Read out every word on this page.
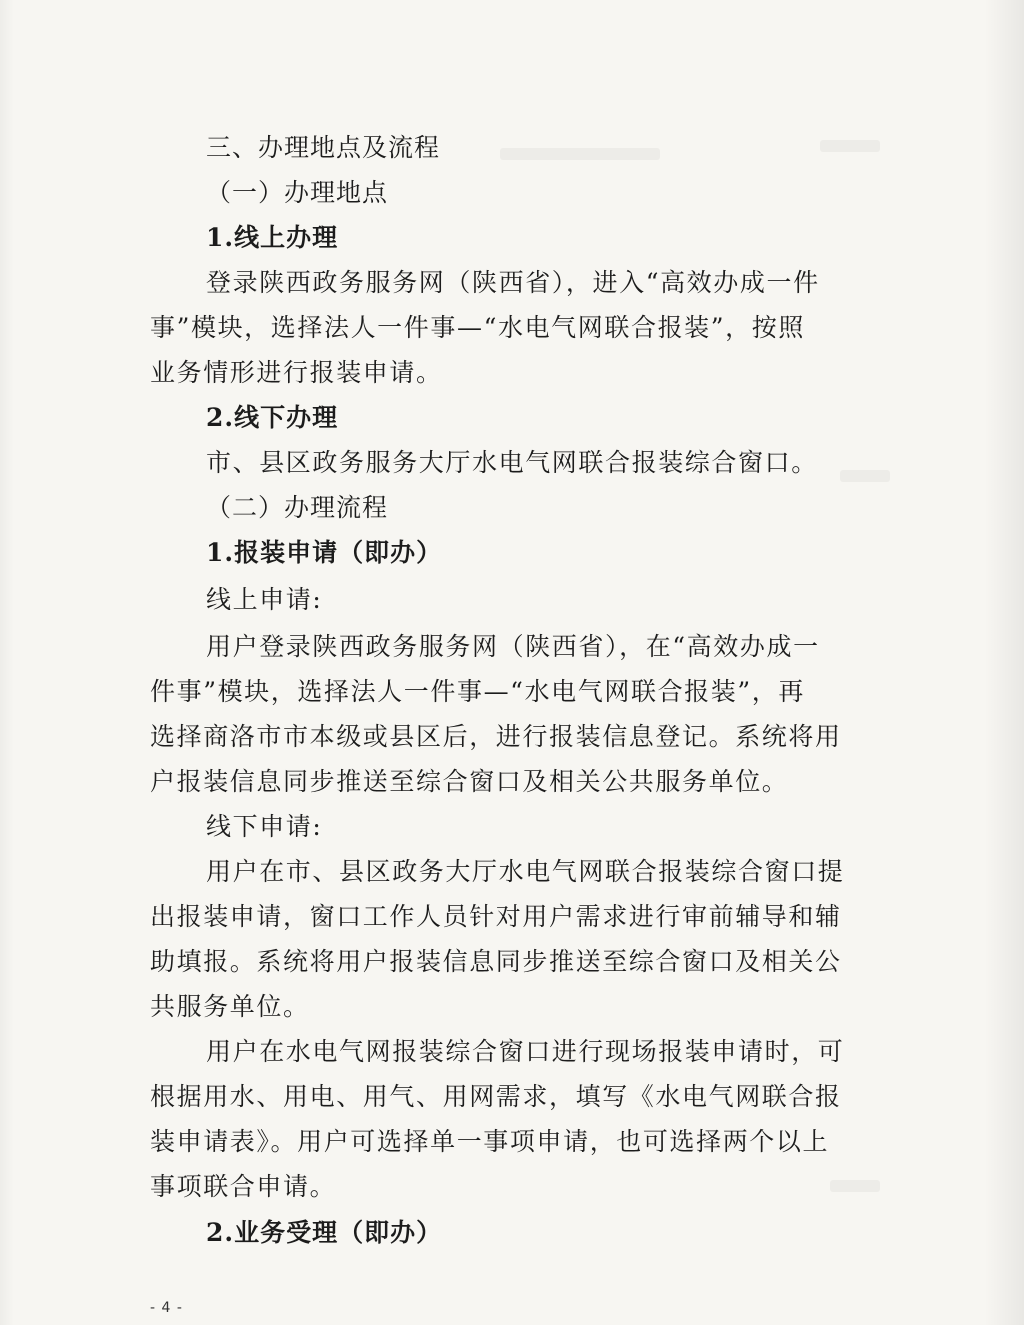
三、办理地点及流程
（一）办理地点
1.线上办理
登录陕西政务服务网（陕西省），进入“高效办成一件
事”模块，选择法人一件事—“水电气网联合报装”，按照
业务情形进行报装申请。
2.线下办理
市、县区政务服务大厅水电气网联合报装综合窗口。
（二）办理流程
1.报装申请（即办）
线上申请:
用户登录陕西政务服务网（陕西省），在“高效办成一
件事”模块，选择法人一件事—“水电气网联合报装”，再
选择商洛市市本级或县区后，进行报装信息登记。系统将用
户报装信息同步推送至综合窗口及相关公共服务单位。
线下申请:
用户在市、县区政务大厅水电气网联合报装综合窗口提
出报装申请，窗口工作人员针对用户需求进行审前辅导和辅
助填报。系统将用户报装信息同步推送至综合窗口及相关公
共服务单位。
用户在水电气网报装综合窗口进行现场报装申请时，可
根据用水、用电、用气、用网需求，填写《水电气网联合报
装申请表》。用户可选择单一事项申请，也可选择两个以上
事项联合申请。
2.业务受理（即办）
- 4 -
